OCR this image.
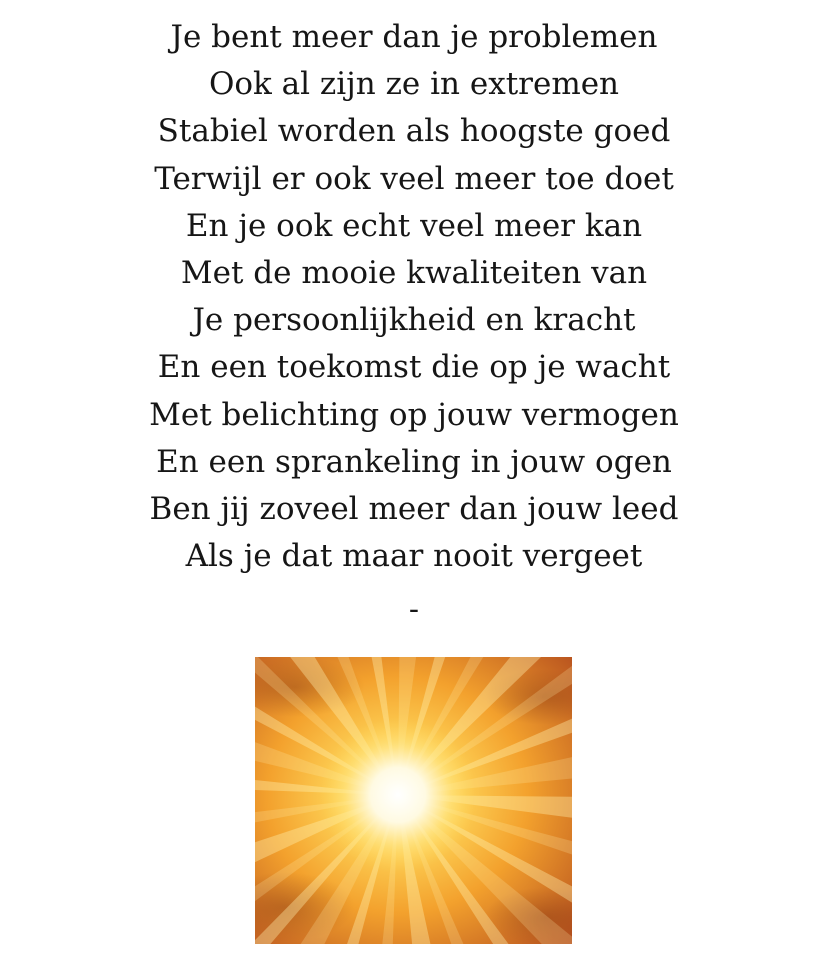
Je bent meer dan je problemen
Ook al zijn ze in extremen
Stabiel worden als hoogste goed
Terwijl er ook veel meer toe doet
En je ook echt veel meer kan
Met de mooie kwaliteiten van
Je persoonlijkheid en kracht
En een toekomst die op je wacht
Met belichting op jouw vermogen
En een sprankeling in jouw ogen
Ben jij zoveel meer dan jouw leed
Als je dat maar nooit vergeet
-
